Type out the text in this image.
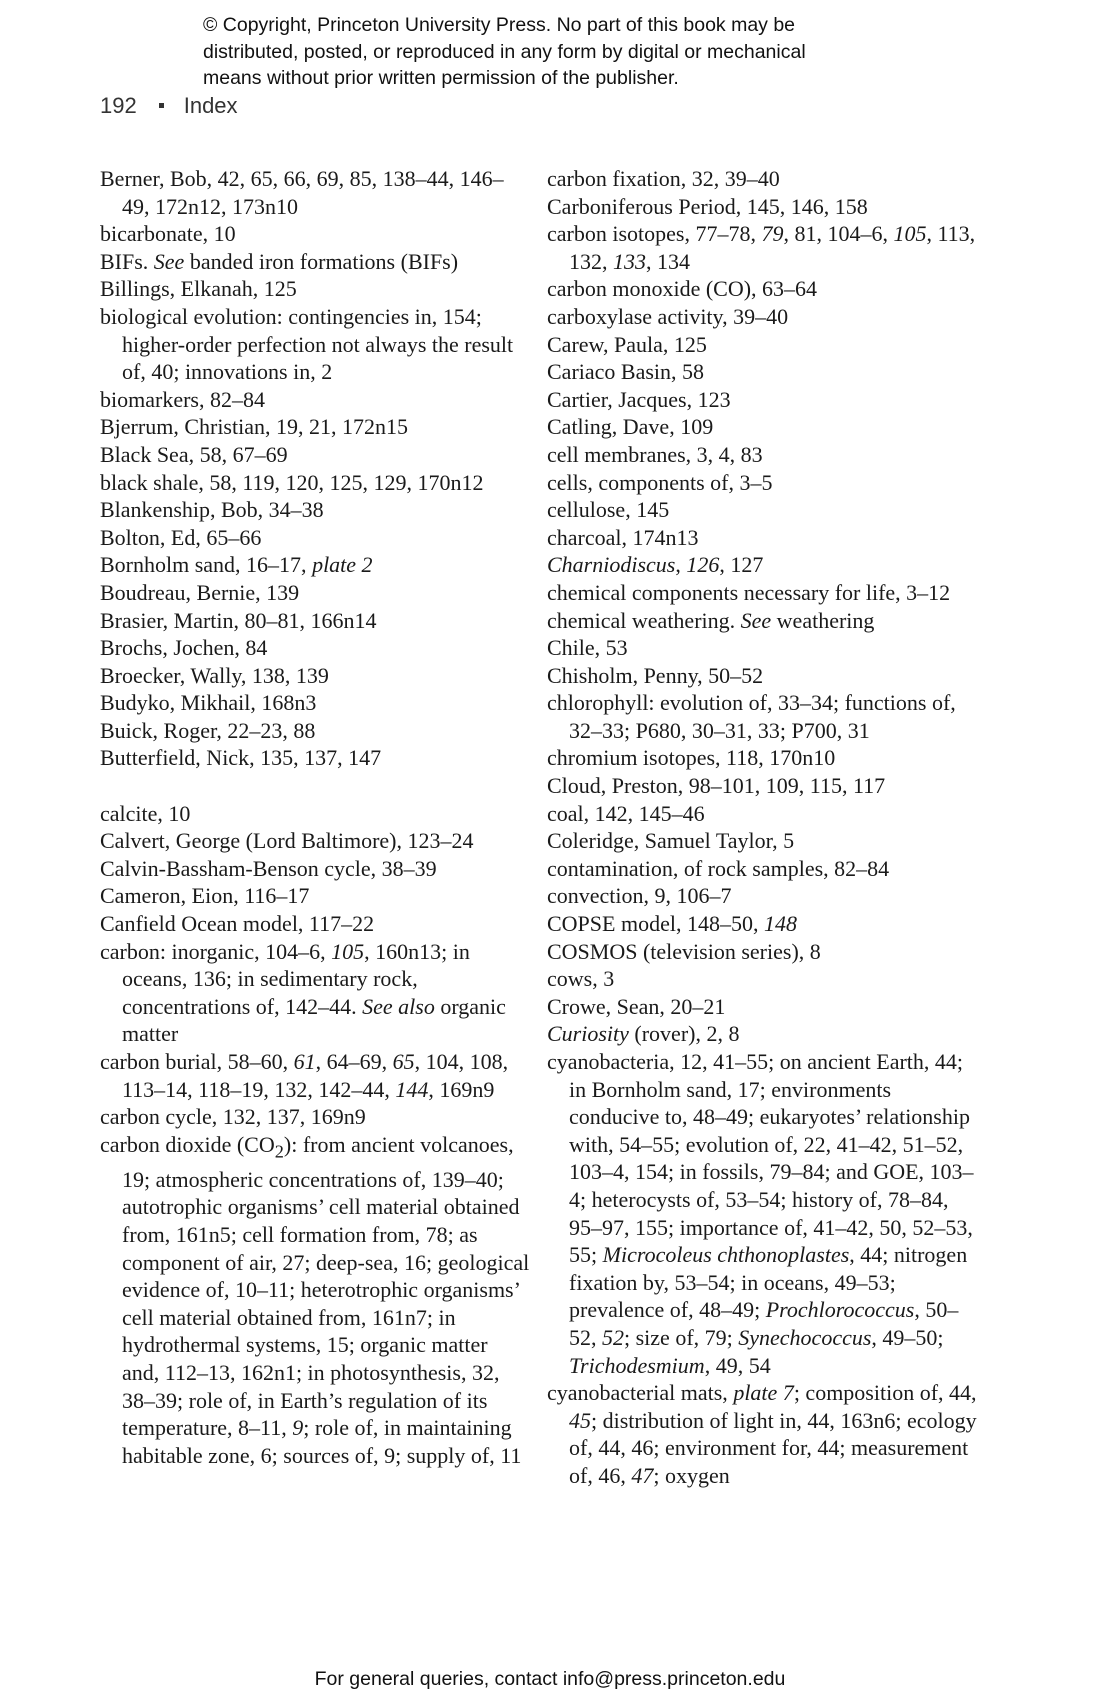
© Copyright, Princeton University Press. No part of this book may be
distributed, posted, or reproduced in any form by digital or mechanical
means without prior written permission of the publisher.
192 Index

Berner, Bob, 42, 65, 66, 69, 85, 138–44, 146–49, 172n12, 173n10

bicarbonate, 10

BIFs. See banded iron formations (BIFs)

Billings, Elkanah, 125

biological evolution: contingencies in, 154; higher-order perfection not always the result of, 40; innovations in, 2

biomarkers, 82–84

Bjerrum, Christian, 19, 21, 172n15

Black Sea, 58, 67–69

black shale, 58, 119, 120, 125, 129, 170n12

Blankenship, Bob, 34–38

Bolton, Ed, 65–66

Bornholm sand, 16–17, plate 2

Boudreau, Bernie, 139

Brasier, Martin, 80–81, 166n14

Brochs, Jochen, 84

Broecker, Wally, 138, 139

Budyko, Mikhail, 168n3

Buick, Roger, 22–23, 88

Butterfield, Nick, 135, 137, 147

calcite, 10

Calvert, George (Lord Baltimore), 123–24

Calvin-Bassham-Benson cycle, 38–39

Cameron, Eion, 116–17

Canfield Ocean model, 117–22

carbon: inorganic, 104–6, 105, 160n13; in oceans, 136; in sedimentary rock, concentrations of, 142–44. See also organic matter

carbon burial, 58–60, 61, 64–69, 65, 104, 108, 113–14, 118–19, 132, 142–44, 144, 169n9

carbon cycle, 132, 137, 169n9

carbon dioxide $(CO_2)$: from ancient volcanoes, 19; atmospheric concentrations of, 139–40; autotrophic organisms’ cell material obtained from, 161n5; cell formation from, 78; as component of air, 27; deep-sea, 16; geological evidence of, 10–11; heterotrophic organisms’ cell material obtained from, 161n7; in hydrothermal systems, 15; organic matter and, 112–13, 162n1; in photosynthesis, 32, 38–39; role of, in Earth’s regulation of its temperature, 8–11, 9; role of, in maintaining habitable zone, 6; sources of, 9; supply of, 11

carbon fixation, 32, 39–40

Carboniferous Period, 145, 146, 158

carbon isotopes, 77–78, 79, 81, 104–6, 105, 113, 132, 133, 134

carbon monoxide (CO), 63–64

carboxylase activity, 39–40

Carew, Paula, 125

Cariaco Basin, 58

Cartier, Jacques, 123

Catling, Dave, 109

cell membranes, 3, 4, 83

cells, components of, 3–5

cellulose, 145

charcoal, 174n13

Charniodiscus, 126, 127

chemical components necessary for life, 3–12

chemical weathering. See weathering

Chile, 53

Chisholm, Penny, 50–52

chlorophyll: evolution of, 33–34; functions of, 32–33; P680, 30–31, 33; P700, 31

chromium isotopes, 118, 170n10

Cloud, Preston, 98–101, 109, 115, 117

coal, 142, 145–46

Coleridge, Samuel Taylor, 5

contamination, of rock samples, 82–84

convection, 9, 106–7

COPSE model, 148–50, 148

COSMOS (television series), 8

cows, 3

Crowe, Sean, 20–21

Curiosity (rover), 2, 8

cyanobacteria, 12, 41–55; on ancient Earth, 44; in Bornholm sand, 17; environments conducive to, 48–49; eukaryotes’ relationship with, 54–55; evolution of, 22, 41–42, 51–52, 103–4, 154; in fossils, 79–84; and GOE, 103–4; heterocysts of, 53–54; history of, 78–84, 95–97, 155; importance of, 41–42, 50, 52–53, 55; Microcoleus chthonoplastes, 44; nitrogen fixation by, 53–54; in oceans, 49–53; prevalence of, 48–49; Prochlorococcus, 50–52, 52; size of, 79; Synechococcus, 49–50; Trichodesmium, 49, 54

cyanobacterial mats, plate 7; composition of, 44, 45; distribution of light in, 44, 163n6; ecology of, 44, 46; environment for, 44; measurement of, 46, 47; oxygen

For general queries, contact info@press.princeton.edu
